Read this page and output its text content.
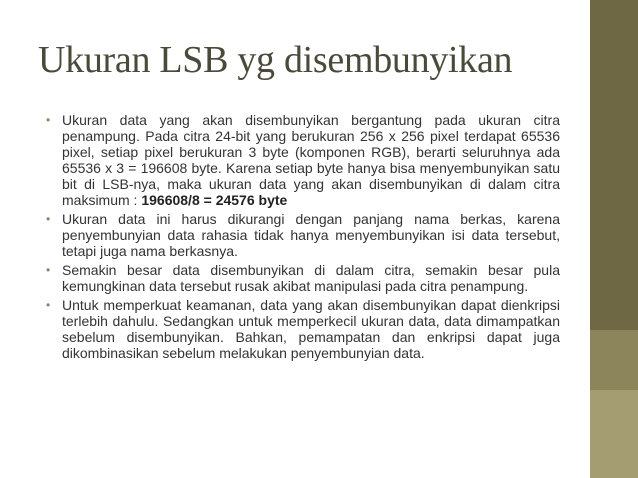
Ukuran LSB yg disembunyikan
• Ukuran data yang akan disembunyikan bergantung pada ukuran citra penampung. Pada citra 24-bit yang berukuran 256 x 256 pixel terdapat 65536 pixel, setiap pixel berukuran 3 byte (komponen RGB), berarti seluruhnya ada 65536 x 3 = 196608 byte. Karena setiap byte hanya bisa menyembunyikan satu bit di LSB-nya, maka ukuran data yang akan disembunyikan di dalam citra maksimum : 196608/8 = 24576 byte
• Ukuran data ini harus dikurangi dengan panjang nama berkas, karena penyembunyian data rahasia tidak hanya menyembunyikan isi data tersebut, tetapi juga nama berkasnya.
• Semakin besar data disembunyikan di dalam citra, semakin besar pula kemungkinan data tersebut rusak akibat manipulasi pada citra penampung.
• Untuk memperkuat keamanan, data yang akan disembunyikan dapat dienkripsi terlebih dahulu. Sedangkan untuk memperkecil ukuran data, data dimampatkan sebelum disembunyikan. Bahkan, pemampatan dan enkripsi dapat juga dikombinasikan sebelum melakukan penyembunyian data.
